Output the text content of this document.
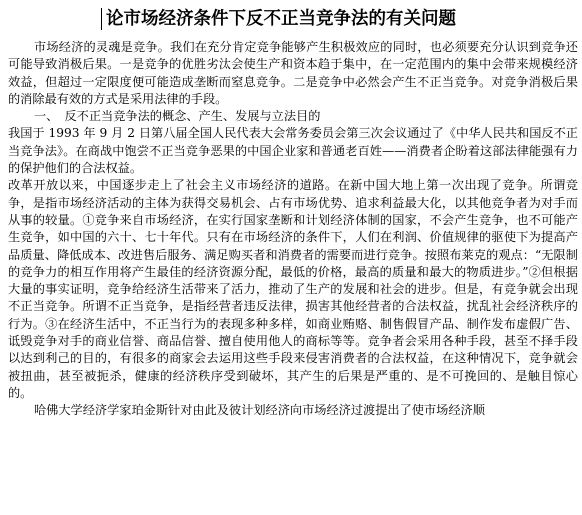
论市场经济条件下反不正当竞争法的有关问题

市场经济的灵魂是竞争。我们在充分肯定竞争能够产生积极效应的同时，也必须要充分认识到竞争还可能导致消极后果。一是竞争的优胜劣汰会使生产和资本趋于集中，在一定范围内的集中会带来规模经济效益，但超过一定限度便可能造成垄断而窒息竞争。二是竞争中必然会产生不正当竞争。对竞争消极后果的消除最有效的方式是采用法律的手段。

一、　反不正当竞争法的概念、产生、发展与立法目的

我国于 1993 年 9 月 2 日第八届全国人民代表大会常务委员会第三次会议通过了《中华人民共和国反不正当竞争法》。在商战中饱尝不正当竞争恶果的中国企业家和普通老百姓——消费者企盼着这部法律能强有力的保护他们的合法权益。

改革开放以来，中国逐步走上了社会主义市场经济的道路。在新中国大地上第一次出现了竞争。所谓竞争，是指市场经济活动的主体为获得交易机会、占有市场优势、追求利益最大化，以其他竞争者为对手而从事的较量。①竞争来自市场经济，在实行国家垄断和计划经济体制的国家，不会产生竞争，也不可能产生竞争，如中国的六十、七十年代。只有在市场经济的条件下，人们在利润、价值规律的驱使下为提高产品质量、降低成本、改进售后服务、满足购买者和消费者的需要而进行竞争。按照布莱克的观点：“无限制的竞争力的相互作用将产生最佳的经济资源分配，最低的价格，最高的质量和最大的物质进步。”②但根据大量的事实证明，竞争给经济生活带来了活力，推动了生产的发展和社会的进步。但是，有竞争就会出现不正当竞争。所谓不正当竞争，是指经营者违反法律，损害其他经营者的合法权益，扰乱社会经济秩序的行为。③在经济生活中，不正当行为的表现多种多样，如商业贿赂、制售假冒产品、制作发布虚假广告、诋毁竞争对手的商业信誉、商品信誉、擅自使用他人的商标等等。竞争者会采用各种手段，甚至不择手段以达到利己的目的，有很多的商家会去运用这些手段来侵害消费者的合法权益，在这种情况下，竞争就会被扭曲，甚至被扼杀，健康的经济秩序受到破坏，其产生的后果是严重的、是不可挽回的、是触目惊心的。

哈佛大学经济学家珀金斯针对由此及彼计划经济向市场经济过渡提出了使市场经济顺
